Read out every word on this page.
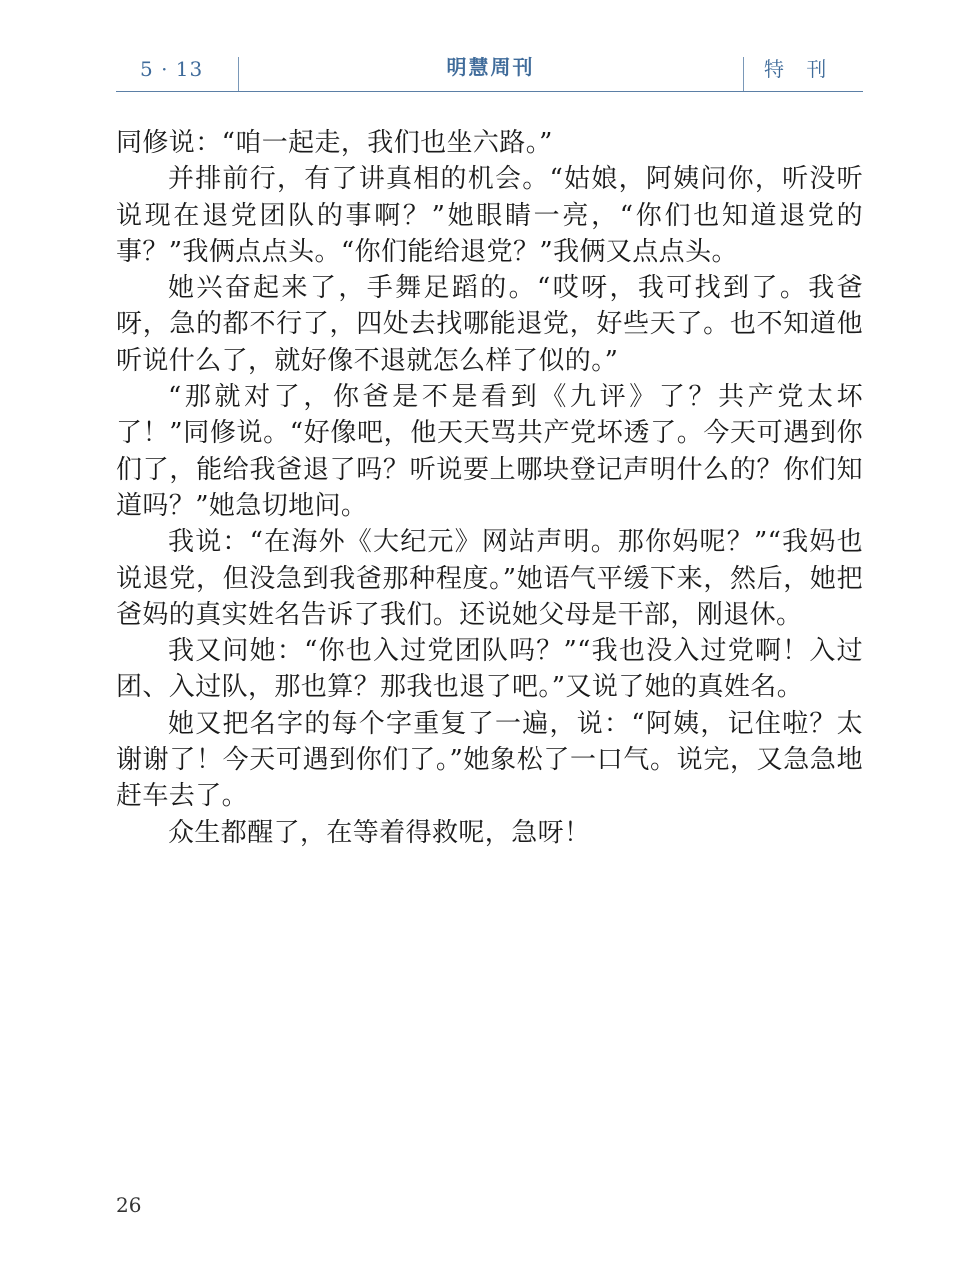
5 · 13	明慧周刊	特 刊

同修说：“咱一起走，我们也坐六路。”

并排前行，有了讲真相的机会。“姑娘，阿姨问你，听没听说现在退党团队的事啊？”她眼睛一亮，“你们也知道退党的事？”我俩点点头。“你们能给退党？”我俩又点点头。

她兴奋起来了，手舞足蹈的。“哎呀，我可找到了。我爸呀，急的都不行了，四处去找哪能退党，好些天了。也不知道他听说什么了，就好像不退就怎么样了似的。”

“那就对了，你爸是不是看到《九评》了？共产党太坏了！”同修说。“好像吧，他天天骂共产党坏透了。今天可遇到你们了，能给我爸退了吗？听说要上哪块登记声明什么的？你们知道吗？”她急切地问。

我说：“在海外《大纪元》网站声明。那你妈呢？”“我妈也说退党，但没急到我爸那种程度。”她语气平缓下来，然后，她把爸妈的真实姓名告诉了我们。还说她父母是干部，刚退休。

我又问她：“你也入过党团队吗？”“我也没入过党啊！入过团、入过队，那也算？那我也退了吧。”又说了她的真姓名。

她又把名字的每个字重复了一遍，说：“阿姨，记住啦？太谢谢了！今天可遇到你们了。”她象松了一口气。说完，又急急地赶车去了。

众生都醒了，在等着得救呢，急呀！

26
